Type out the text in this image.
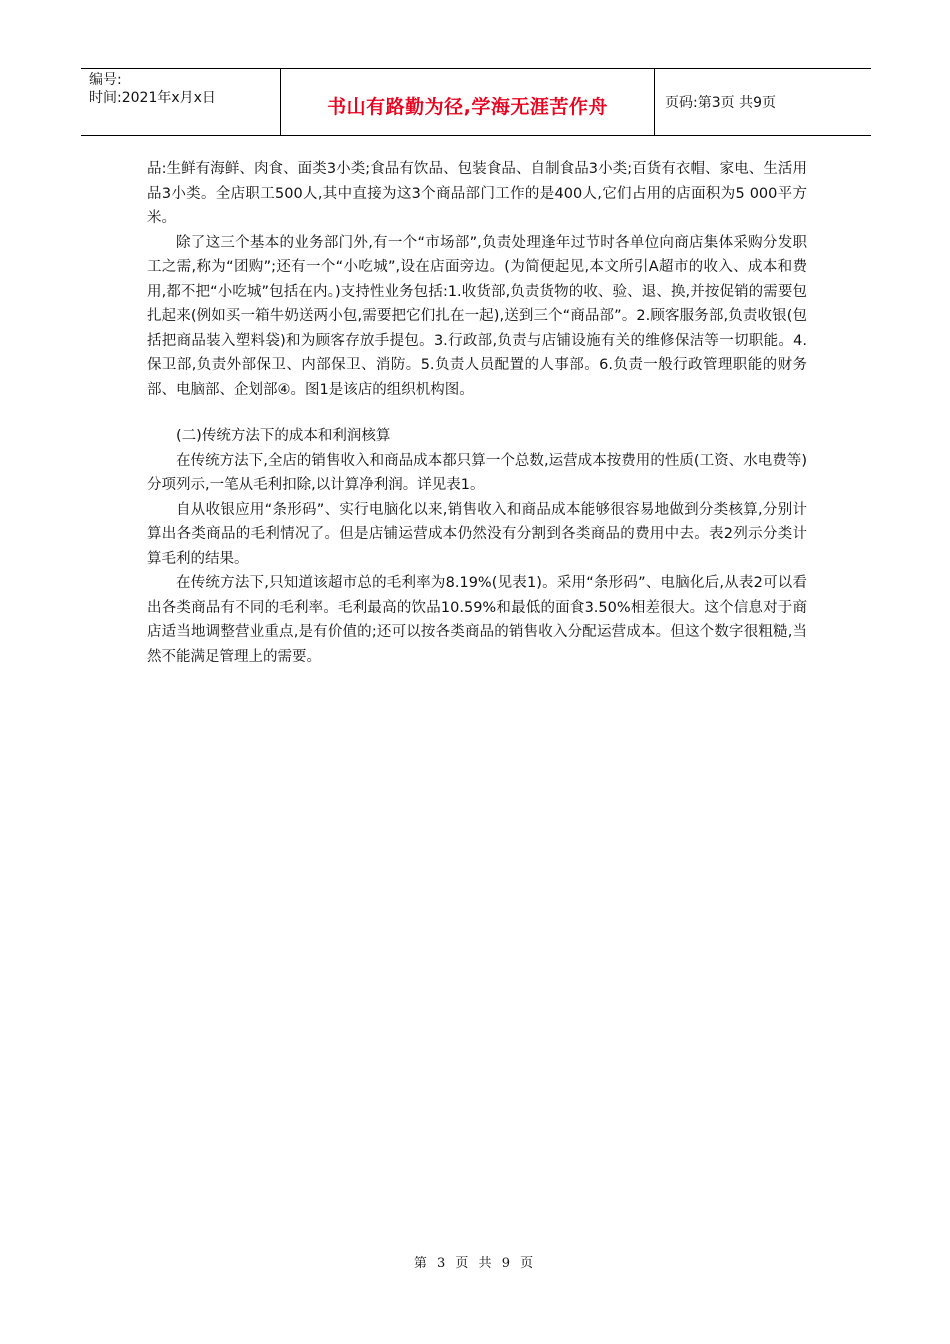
编号:
时间:2021年x月x日	书山有路勤为径,学海无涯苦作舟	页码:第3页 共9页

品:生鲜有海鲜、肉食、面类3小类;食品有饮品、包装食品、自制食品3小类;百货有衣帽、家电、生活用品3小类。全店职工500人,其中直接为这3个商品部门工作的是400人,它们占用的店面积为5 000平方米。

除了这三个基本的业务部门外,有一个“市场部”,负责处理逢年过节时各单位向商店集体采购分发职工之需,称为“团购”;还有一个“小吃城”,设在店面旁边。(为简便起见,本文所引A超市的收入、成本和费用,都不把“小吃城”包括在内。)支持性业务包括:1.收货部,负责货物的收、验、退、换,并按促销的需要包扎起来(例如买一箱牛奶送两小包,需要把它们扎在一起),送到三个“商品部”。2.顾客服务部,负责收银(包括把商品装入塑料袋)和为顾客存放手提包。3.行政部,负责与店铺设施有关的维修保洁等一切职能。4.保卫部,负责外部保卫、内部保卫、消防。5.负责人员配置的人事部。6.负责一般行政管理职能的财务部、电脑部、企划部④。图1是该店的组织机构图。

(二)传统方法下的成本和利润核算

在传统方法下,全店的销售收入和商品成本都只算一个总数,运营成本按费用的性质(工资、水电费等)分项列示,一笔从毛利扣除,以计算净利润。详见表1。

自从收银应用“条形码”、实行电脑化以来,销售收入和商品成本能够很容易地做到分类核算,分别计算出各类商品的毛利情况了。但是店铺运营成本仍然没有分割到各类商品的费用中去。表2列示分类计算毛利的结果。

在传统方法下,只知道该超市总的毛利率为8.19%(见表1)。采用“条形码”、电脑化后,从表2可以看出各类商品有不同的毛利率。毛利最高的饮品10.59%和最低的面食3.50%相差很大。这个信息对于商店适当地调整营业重点,是有价值的;还可以按各类商品的销售收入分配运营成本。但这个数字很粗糙,当然不能满足管理上的需要。

第 3 页 共 9 页
